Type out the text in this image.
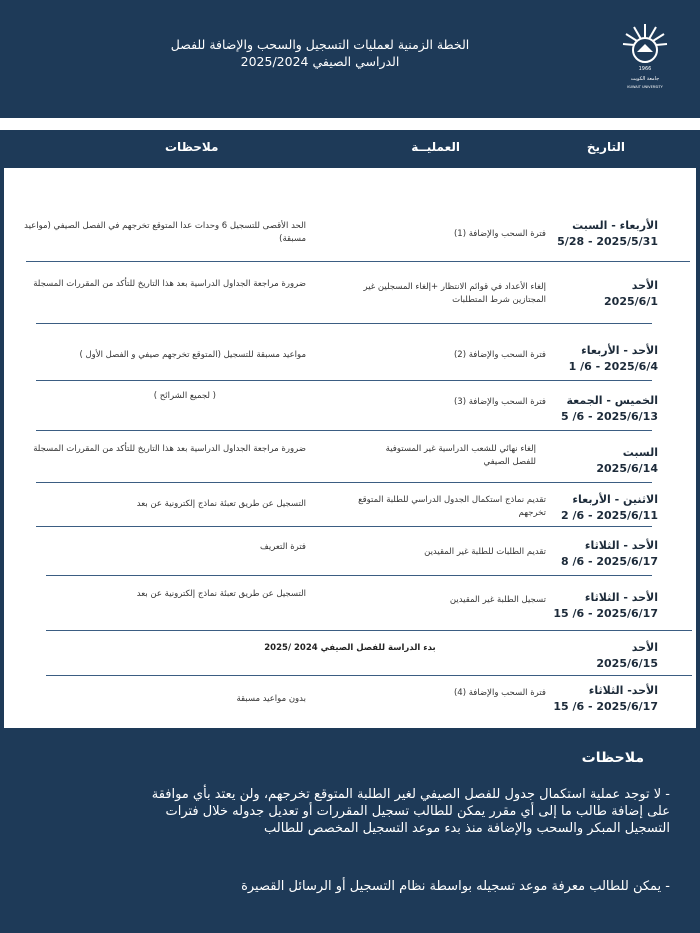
الخطة الزمنية لعمليات التسجيل والسحب والإضافة للفصل
الدراسي الصيفي 2025/2024	1966
جامعة الكويت
KUWAIT UNIVERSITY
التاريخ
العمليــة
ملاحظات
الأربعاء - السبت
2025/5/31 - 5/28
فترة السحب والإضافة (1)
الحد الأقصى للتسجيل 6 وحدات عدا المتوقع تخرجهم في الفصل الصيفي (مواعيد مسبقة)
الأحد
2025/6/1
إلغاء الأعداد في قوائم الانتظار +إلغاء المسجلين غير المجتازين شرط المتطلبات
ضرورة مراجعة الجداول الدراسية بعد هذا التاريخ للتأكد من المقررات المسجلة
الأحد - الأربعاء
2025/6/4 - 6/ 1
فترة السحب والإضافة (2)
مواعيد مسبقة للتسجيل (المتوقع تخرجهم صيفي و الفصل الأول )
الخميس - الجمعة
2025/6/13 - 6/ 5
فترة السحب والإضافة (3)
( لجميع الشرائح )
السبت
2025/6/14
إلغاء نهائي للشعب الدراسية غير المستوفية للفصل الصيفي
ضرورة مراجعة الجداول الدراسية بعد هذا التاريخ للتأكد من المقررات المسجلة
الاثنين - الأربعاء
2025/6/11 - 6/ 2
تقديم نماذج استكمال الجدول الدراسي للطلبة المتوقع تخرجهم
التسجيل عن طريق تعبئة نماذج إلكترونية عن بعد
الأحد - الثلاثاء
2025/6/17 - 6/ 8
تقديم الطلبات للطلبة غير المقيدين
فترة التعريف
الأحد - الثلاثاء
2025/6/17 - 6/ 15
تسجيل الطلبة غير المقيدين
التسجيل عن طريق تعبئة نماذج إلكترونية عن بعد
الأحد
2025/6/15
بدء الدراسة للفصل الصيفي 2024 /2025
الأحد- الثلاثاء
2025/6/17 - 6/ 15
فترة السحب والإضافة (4)
بدون مواعيد مسبقة
ملاحظات
- لا توجد عملية استكمال جدول للفصل الصيفي لغير الطلبة المتوقع تخرجهم، ولن يعتد بأي موافقة
على إضافة طالب ما إلى أي مقرر يمكن للطالب تسجيل المقررات أو تعديل جدوله خلال فترات
التسجيل المبكر والسحب والإضافة منذ بدء موعد التسجيل المخصص للطالب
- يمكن للطالب معرفة موعد تسجيله بواسطة نظام التسجيل أو الرسائل القصيرة
